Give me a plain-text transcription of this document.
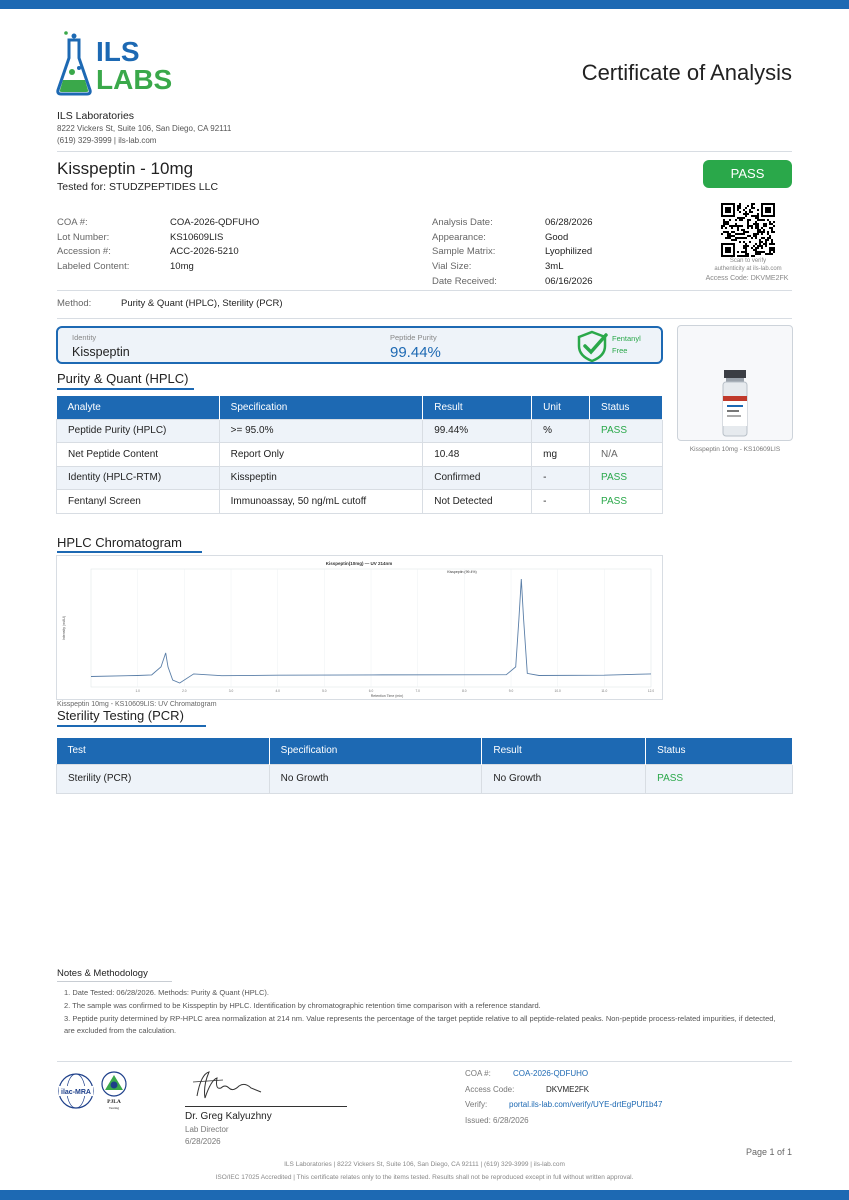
ILS
LABS	Certificate of Analysis
ILS Laboratories
8222 Vickers St, Suite 106, San Diego, CA 92111
(619) 329-3999 | ils-lab.com
Kisspeptin - 10mg
Tested for: STUDZPEPTIDES LLC
PASS
COA #:	COA-2026-QDFUHO
Lot Number:	KS10609LIS
Accession #:	ACC-2026-5210
Labeled Content:	10mg
Analysis Date:	06/28/2026
Appearance:	Good
Sample Matrix:	Lyophilized
Vial Size:	3mL
Date Received:	06/16/2026
Scan to verify
authenticity at ils-lab.com
Access Code: DKVME2FK
Method:	Purity & Quant (HPLC), Sterility (PCR)
Identity
Kisspeptin
Peptide Purity
99.44%
Fentanyl
Free
Kisspeptin 10mg - KS10609LIS
Purity & Quant (HPLC)
Analyte	Specification	Result	Unit	Status
Peptide Purity (HPLC)	>= 95.0%	99.44%	%	PASS
Net Peptide Content	Report Only	10.48	mg	N/A
Identity (HPLC-RTM)	Kisspeptin	Confirmed	-	PASS
Fentanyl Screen	Immunoassay, 50 ng/mL cutoff	Not Detected	-	PASS
HPLC Chromatogram
Kisspeptin(10mg) — UV 214nm
Intensity (mAU)
Retention Time (min)
1.0	2.0	3.0	4.0	5.0	6.0	7.0	8.0	9.0	10.0	11.0	12.0
Kisspeptin (99.4%)
Kisspeptin 10mg - KS10609LIS: UV Chromatogram
Sterility Testing (PCR)
Test	Specification	Result	Status
Sterility (PCR)	No Growth	No Growth	PASS
Notes & Methodology
1. Date Tested: 06/28/2026. Methods: Purity & Quant (HPLC).
2. The sample was confirmed to be Kisspeptin by HPLC. Identification by chromatographic retention time comparison with a reference standard.
3. Peptide purity determined by RP-HPLC area normalization at 214 nm. Value represents the percentage of the target peptide relative to all peptide-related peaks. Non-peptide process-related impurities, if detected, are excluded from the calculation.
ilac-MRA
PJLA
Testing
Dr. Greg Kalyuzhny
Lab Director
6/28/2026
COA #:	COA-2026-QDFUHO
Access Code:	DKVME2FK
Verify:	portal.ils-lab.com/verify/UYE-drtEgPUf1b47
Issued: 6/28/2026
Page 1 of 1
ILS Laboratories | 8222 Vickers St, Suite 106, San Diego, CA 92111 | (619) 329-3999 | ils-lab.com
ISO/IEC 17025 Accredited | This certificate relates only to the items tested. Results shall not be reproduced except in full without written approval.
